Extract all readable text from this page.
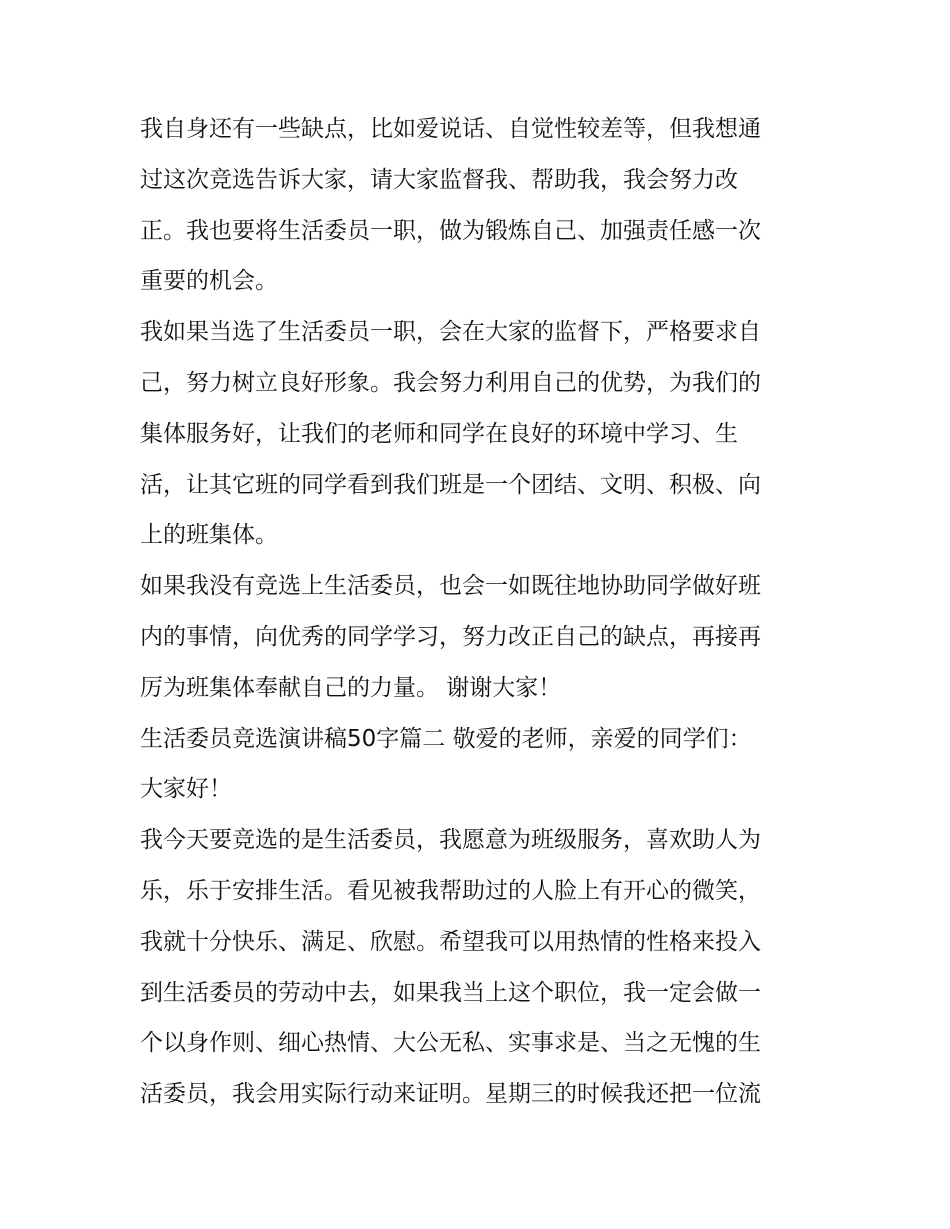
我自身还有一些缺点，比如爱说话、自觉性较差等，但我想通
过这次竞选告诉大家，请大家监督我、帮助我，我会努力改
正。我也要将生活委员一职，做为锻炼自己、加强责任感一次
重要的机会。
我如果当选了生活委员一职，会在大家的监督下，严格要求自
己，努力树立良好形象。我会努力利用自己的优势，为我们的
集体服务好，让我们的老师和同学在良好的环境中学习、生
活，让其它班的同学看到我们班是一个团结、文明、积极、向
上的班集体。
如果我没有竞选上生活委员，也会一如既往地协助同学做好班
内的事情，向优秀的同学学习，努力改正自己的缺点，再接再
厉为班集体奉献自己的力量。 谢谢大家！
生活委员竞选演讲稿50字篇二 敬爱的老师，亲爱的同学们：
大家好！
我今天要竞选的是生活委员，我愿意为班级服务，喜欢助人为
乐，乐于安排生活。看见被我帮助过的人脸上有开心的微笑，
我就十分快乐、满足、欣慰。希望我可以用热情的性格来投入
到生活委员的劳动中去，如果我当上这个职位，我一定会做一
个以身作则、细心热情、大公无私、实事求是、当之无愧的生
活委员，我会用实际行动来证明。星期三的时候我还把一位流
